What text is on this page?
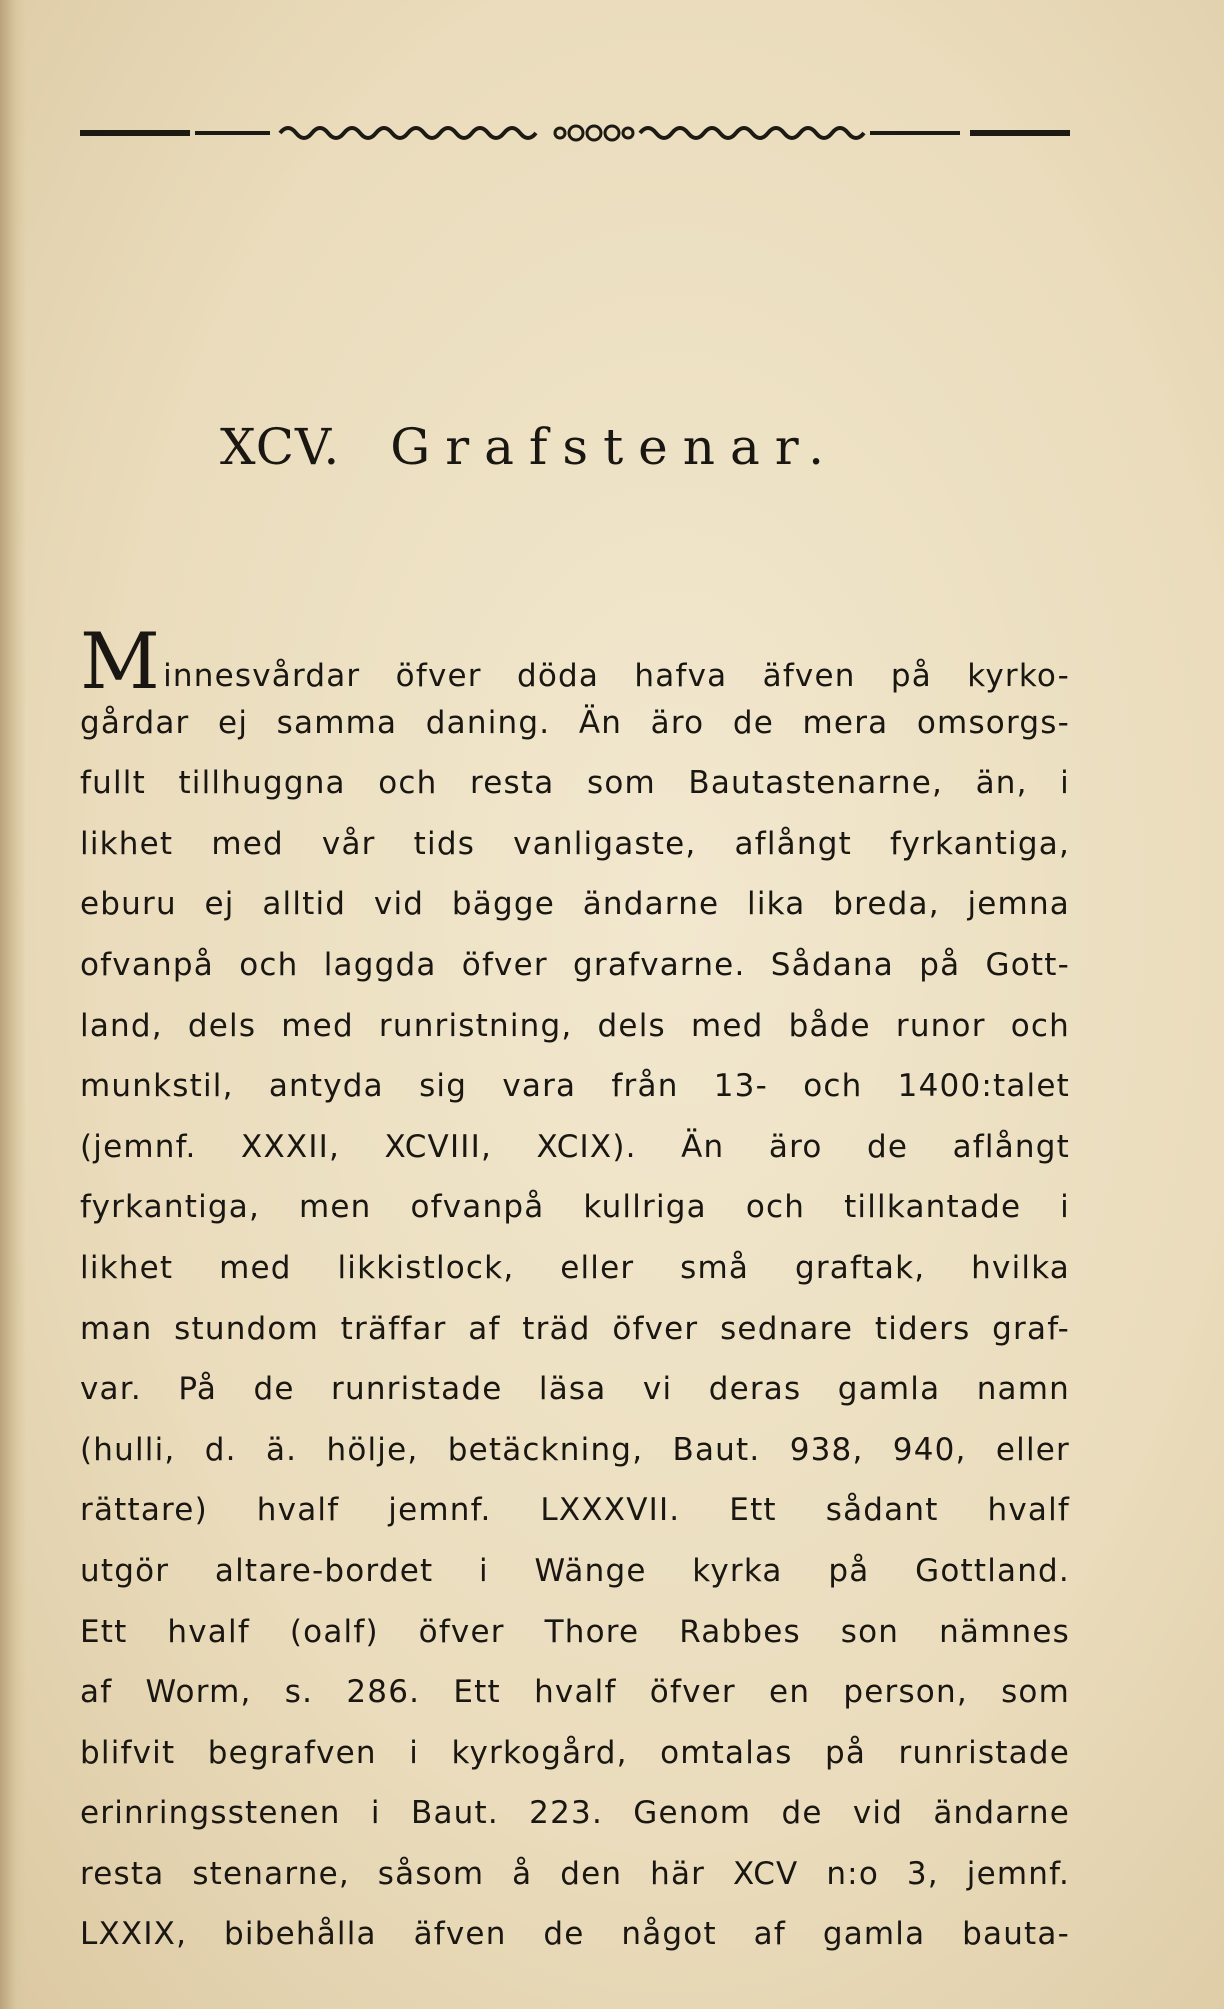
XCV. Grafstenar.
Minnesvårdar öfver döda hafva äfven på kyrko-
gårdar ej samma daning. Än äro de mera omsorgs-
fullt tillhuggna och resta som Bautastenarne, än, i
likhet med vår tids vanligaste, aflångt fyrkantiga,
eburu ej alltid vid bägge ändarne lika breda, jemna
ofvanpå och laggda öfver grafvarne. Sådana på Gott-
land, dels med runristning, dels med både runor och
munkstil, antyda sig vara från 13- och 1400:talet
(jemnf. XXXII, XCVIII, XCIX). Än äro de aflångt
fyrkantiga, men ofvanpå kullriga och tillkantade i
likhet med likkistlock, eller små graftak, hvilka
man stundom träffar af träd öfver sednare tiders graf-
var. På de runristade läsa vi deras gamla namn
(hulli, d. ä. hölje, betäckning, Baut. 938, 940, eller
rättare) hvalf jemnf. LXXXVII. Ett sådant hvalf
utgör altare-bordet i Wänge kyrka på Gottland.
Ett hvalf (oalf) öfver Thore Rabbes son nämnes
af Worm, s. 286. Ett hvalf öfver en person, som
blifvit begrafven i kyrkogård, omtalas på runristade
erinringsstenen i Baut. 223. Genom de vid ändarne
resta stenarne, såsom å den här XCV n:o 3, jemnf.
LXXIX, bibehålla äfven de något af gamla bauta-
